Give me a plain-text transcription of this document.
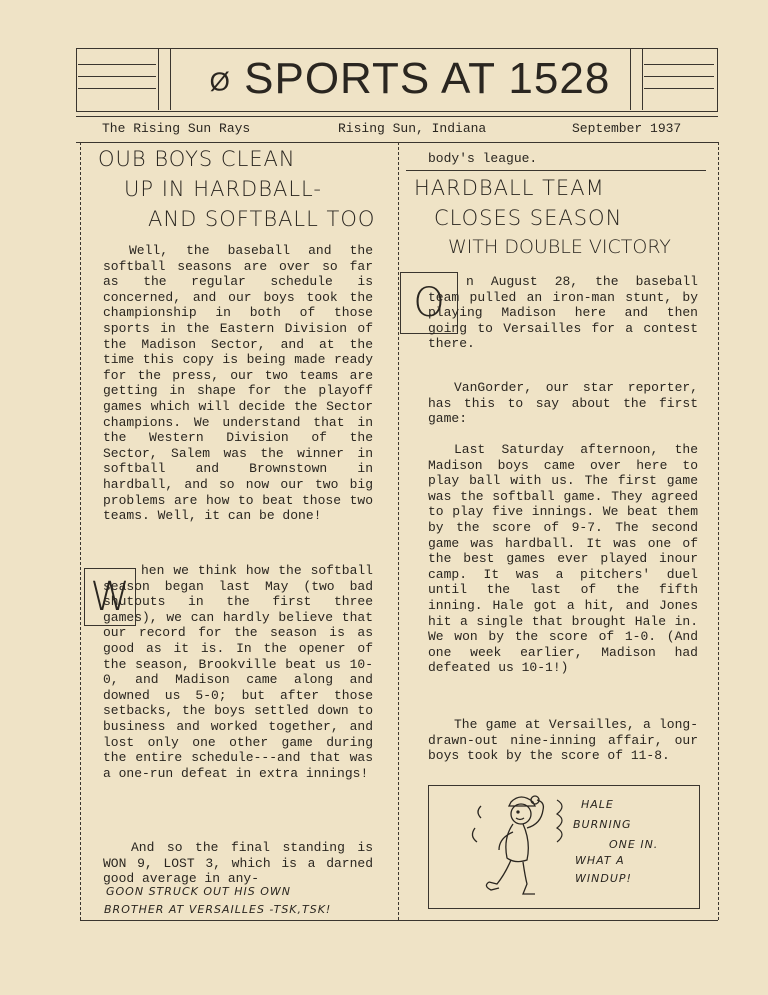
Ø SPORTS AT 1528
The Rising Sun Rays	Rising Sun, Indiana	September 1937
OUB BOYS CLEAN
UP IN HARDBALL-
AND SOFTBALL TOO

Well, the baseball and the softball seasons are over so far as the regular schedule is concerned, and our boys took the championship in both of those sports in the Eastern Division of the Madison Sector, and at the time this copy is being made ready for the press, our two teams are getting in shape for the playoff games which will decide the Sector champions. We understand that in the Western Division of the Sector, Salem was the winner in softball and Brownstown in hardball, and so now our two big problems are how to beat those two teams. Well, it can be done!

W

hen we think how the softball season began last May (two bad shutouts in the first three games), we can hardly believe that our record for the season is as good as it is. In the opener of the season, Brookville beat us 10-0, and Madison came along and downed us 5-0; but after those setbacks, the boys settled down to business and worked together, and lost only one other game during the entire schedule---and that was a one-run defeat in extra innings!

And so the final standing is WON 9, LOST 3, which is a darned good average in any-

GOON STRUCK OUT HIS OWN
BROTHER AT VERSAILLES -TSK,TSK!
body's league.
HARDBALL TEAM
CLOSES SEASON
WITH DOUBLE VICTORY
O	n August 28, the baseball team pulled an iron-man stunt, by playing Madison here and then going to Versailles for a contest there.

VanGorder, our star reporter, has this to say about the first game:

Last Saturday afternoon, the Madison boys came over here to play ball with us. The first game was the softball game. They agreed to play five innings. We beat them by the score of 9-7. The second game was hardball. It was one of the best games ever played inour camp. It was a pitchers' duel until the last of the fifth inning. Hale got a hit, and Jones hit a single that brought Hale in. We won by the score of 1-0. (And one week earlier, Madison had defeated us 10-1!)

The game at Versailles, a long-drawn-out nine-inning affair, our boys took by the score of 11-8.

HALE
BURNING
ONE IN.
WHAT A
WINDUP!
